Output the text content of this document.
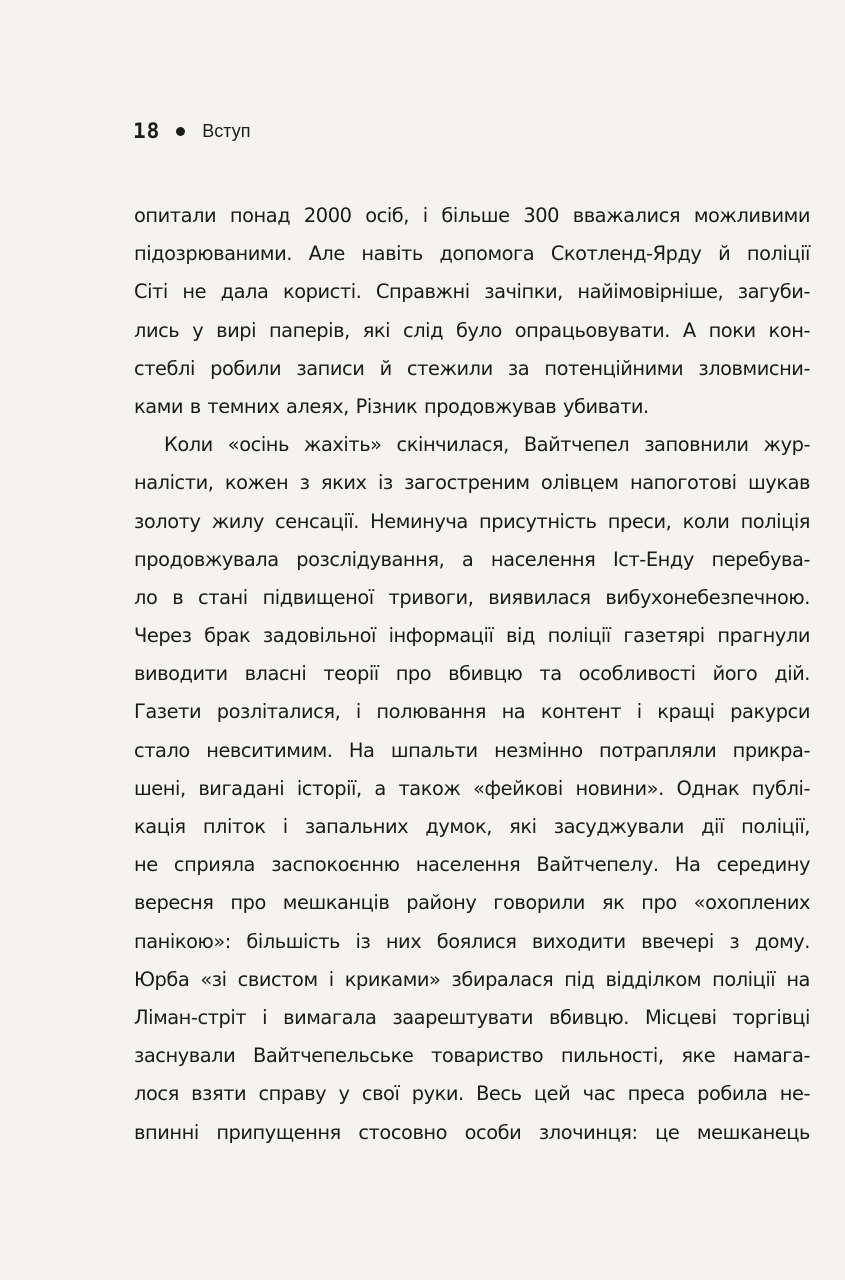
18 Вступ
опитали понад 2000 осіб, і більше 300 вважалися можливими
підозрюваними. Але навіть допомога Скотленд-Ярду й поліції
Сіті не дала користі. Справжні зачіпки, найімовірніше, загуби-
лись у вирі паперів, які слід було опрацьовувати. А поки кон-
стеблі робили записи й стежили за потенційними зловмисни-
ками в темних алеях, Різник продовжував убивати.
Коли «осінь жахіть» скінчилася, Вайтчепел заповнили жур-
налісти, кожен з яких із загостреним олівцем напоготові шукав
золоту жилу сенсації. Неминуча присутність преси, коли поліція
продовжувала розслідування, а населення Іст-Енду перебува-
ло в стані підвищеної тривоги, виявилася вибухонебезпечною.
Через брак задовільної інформації від поліції газетярі прагнули
виводити власні теорії про вбивцю та особливості його дій.
Газети розліталися, і полювання на контент і кращі ракурси
стало невситимим. На шпальти незмінно потрапляли прикра-
шені, вигадані історії, а також «фейкові новини». Однак публі-
кація пліток і запальних думок, які засуджували дії поліції,
не сприяла заспокоєнню населення Вайтчепелу. На середину
вересня про мешканців району говорили як про «охоплених
панікою»: більшість із них боялися виходити ввечері з дому.
Юрба «зі свистом і криками» збиралася під відділком поліції на
Ліман-стріт і вимагала заарештувати вбивцю. Місцеві торгівці
заснували Вайтчепельське товариство пильності, яке намага-
лося взяти справу у свої руки. Весь цей час преса робила не-
впинні припущення стосовно особи злочинця: це мешканець
